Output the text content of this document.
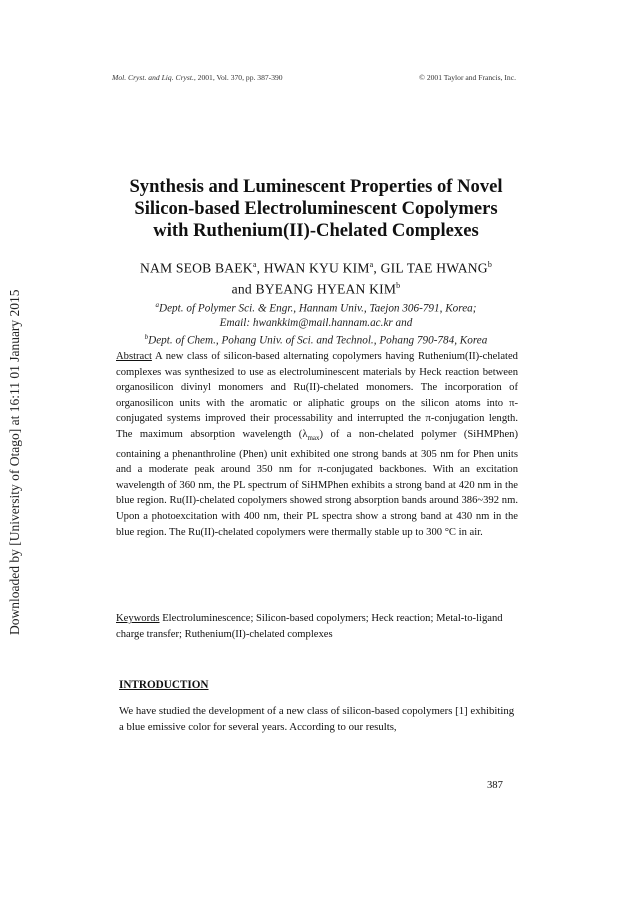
Downloaded by [University of Otago] at 16:11 01 January 2015
Mol. Cryst. and Liq. Cryst., 2001, Vol. 370, pp. 387-390	© 2001 Taylor and Francis, Inc.
Synthesis and Luminescent Properties of Novel
Silicon-based Electroluminescent Copolymers
with Ruthenium(II)-Chelated Complexes
NAM SEOB BAEK$^a$, HWAN KYU KIM$^a$, GIL TAE HWANG$^b$
and BYEANG HYEAN KIM$^b$
$^a$Dept. of Polymer Sci. & Engr., Hannam Univ., Taejon 306-791, Korea;
Email: hwankkim@mail.hannam.ac.kr and
$^b$Dept. of Chem., Pohang Univ. of Sci. and Technol., Pohang 790-784, Korea
Abstract A new class of silicon-based alternating copolymers having Ruthenium(II)-chelated complexes was synthesized to use as electroluminescent materials by Heck reaction between organosilicon divinyl monomers and Ru(II)-chelated monomers. The incorporation of organosilicon units with the aromatic or aliphatic groups on the silicon atoms into π-conjugated systems improved their processability and interrupted the π-conjugation length. The maximum absorption wavelength $(\lambda_{max})$ of a non-chelated polymer (SiHMPhen) containing a phenanthroline (Phen) unit exhibited one strong bands at 305 nm for Phen units and a moderate peak around 350 nm for π-conjugated backbones. With an excitation wavelength of 360 nm, the PL spectrum of SiHMPhen exhibits a strong band at 420 nm in the blue region. Ru(II)-chelated copolymers showed strong absorption bands around 386~392 nm. Upon a photoexcitation with 400 nm, their PL spectra show a strong band at 430 nm in the blue region. The Ru(II)-chelated copolymers were thermally stable up to 300 °C in air.
Keywords Electroluminescence; Silicon-based copolymers; Heck reaction; Metal-to-ligand charge transfer; Ruthenium(II)-chelated complexes
INTRODUCTION
We have studied the development of a new class of silicon-based copolymers [1] exhibiting a blue emissive color for several years. According to our results,
387
